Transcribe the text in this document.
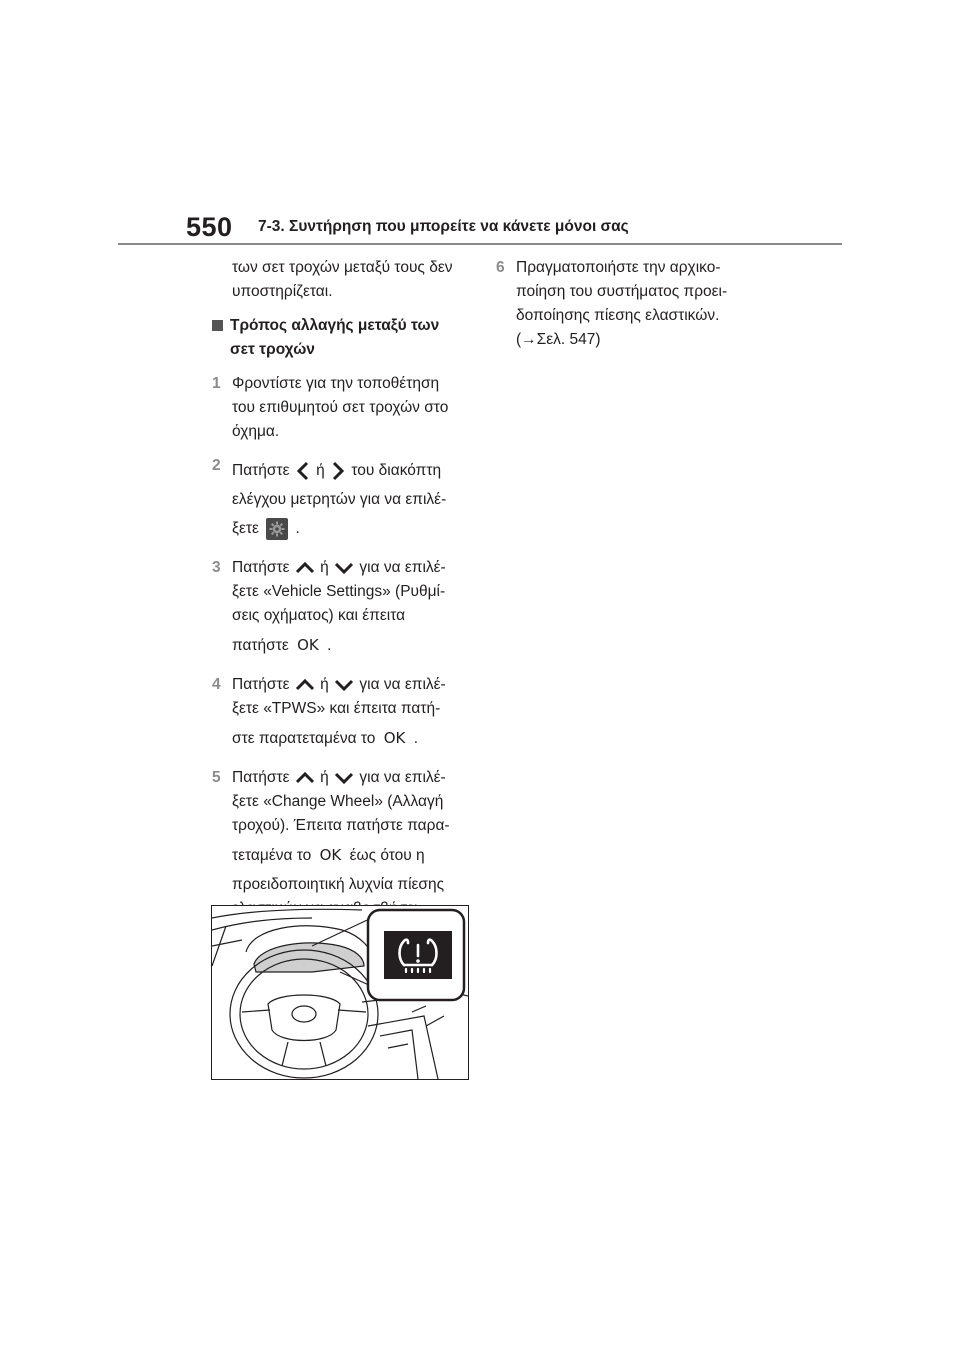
550 7-3. Συντήρηση που μπορείτε να κάνετε μόνοι σας
των σετ τροχών μεταξύ τους δεν
υποστηρίζεται.
Τρόπος αλλαγής μεταξύ των
σετ τροχών
1 Φροντίστε για την τοποθέτηση
του επιθυμητού σετ τροχών στο
όχημα.
2 Πατήστε ή του διακόπτη
ελέγχου μετρητών για να επιλέ-
ξετε .
3 Πατήστε ή για να επιλέ-
ξετε «Vehicle Settings» (Ρυθμί-
σεις οχήματος) και έπειτα
πατήστε OK .
4 Πατήστε ή για να επιλέ-
ξετε «TPWS» και έπειτα πατή-
στε παρατεταμένα το OK .
5 Πατήστε ή για να επιλέ-
ξετε «Change Wheel» (Αλλαγή
τροχού). Έπειτα πατήστε παρα-
τεταμένα το OK έως ότου η
προειδοποιητική λυχνία πίεσης
6 Πραγματοποιήστε την αρχικο-
ποίηση του συστήματος προει-
δοποίησης πίεσης ελαστικών.
(→Σελ. 547)
